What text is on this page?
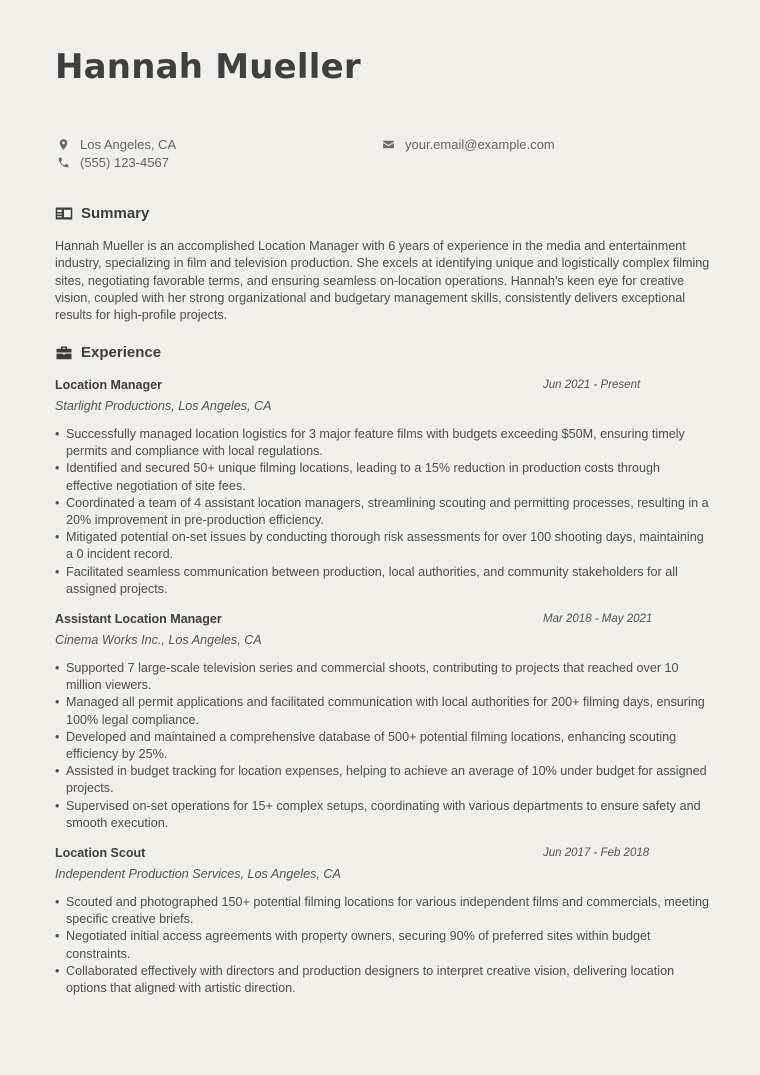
Hannah Mueller
Los Angeles, CA
(555) 123-4567
your.email@example.com
Summary

Hannah Mueller is an accomplished Location Manager with 6 years of experience in the media and entertainment industry, specializing in film and television production. She excels at identifying unique and logistically complex filming sites, negotiating favorable terms, and ensuring seamless on-location operations. Hannah’s keen eye for creative vision, coupled with her strong organizational and budgetary management skills, consistently delivers exceptional results for high-profile projects.

Experience
Location Manager	Jun 2021 - Present
Starlight Productions, Los Angeles, CA
• Successfully managed location logistics for 3 major feature films with budgets exceeding $50M, ensuring timely permits and compliance with local regulations.
• Identified and secured 50+ unique filming locations, leading to a 15% reduction in production costs through effective negotiation of site fees.
• Coordinated a team of 4 assistant location managers, streamlining scouting and permitting processes, resulting in a 20% improvement in pre-production efficiency.
• Mitigated potential on-set issues by conducting thorough risk assessments for over 100 shooting days, maintaining a 0 incident record.
• Facilitated seamless communication between production, local authorities, and community stakeholders for all assigned projects.
Assistant Location Manager	Mar 2018 - May 2021
Cinema Works Inc., Los Angeles, CA
• Supported 7 large-scale television series and commercial shoots, contributing to projects that reached over 10 million viewers.
• Managed all permit applications and facilitated communication with local authorities for 200+ filming days, ensuring 100% legal compliance.
• Developed and maintained a comprehensive database of 500+ potential filming locations, enhancing scouting efficiency by 25%.
• Assisted in budget tracking for location expenses, helping to achieve an average of 10% under budget for assigned projects.
• Supervised on-set operations for 15+ complex setups, coordinating with various departments to ensure safety and smooth execution.
Location Scout	Jun 2017 - Feb 2018
Independent Production Services, Los Angeles, CA
• Scouted and photographed 150+ potential filming locations for various independent films and commercials, meeting specific creative briefs.
• Negotiated initial access agreements with property owners, securing 90% of preferred sites within budget constraints.
• Collaborated effectively with directors and production designers to interpret creative vision, delivering location options that aligned with artistic direction.
